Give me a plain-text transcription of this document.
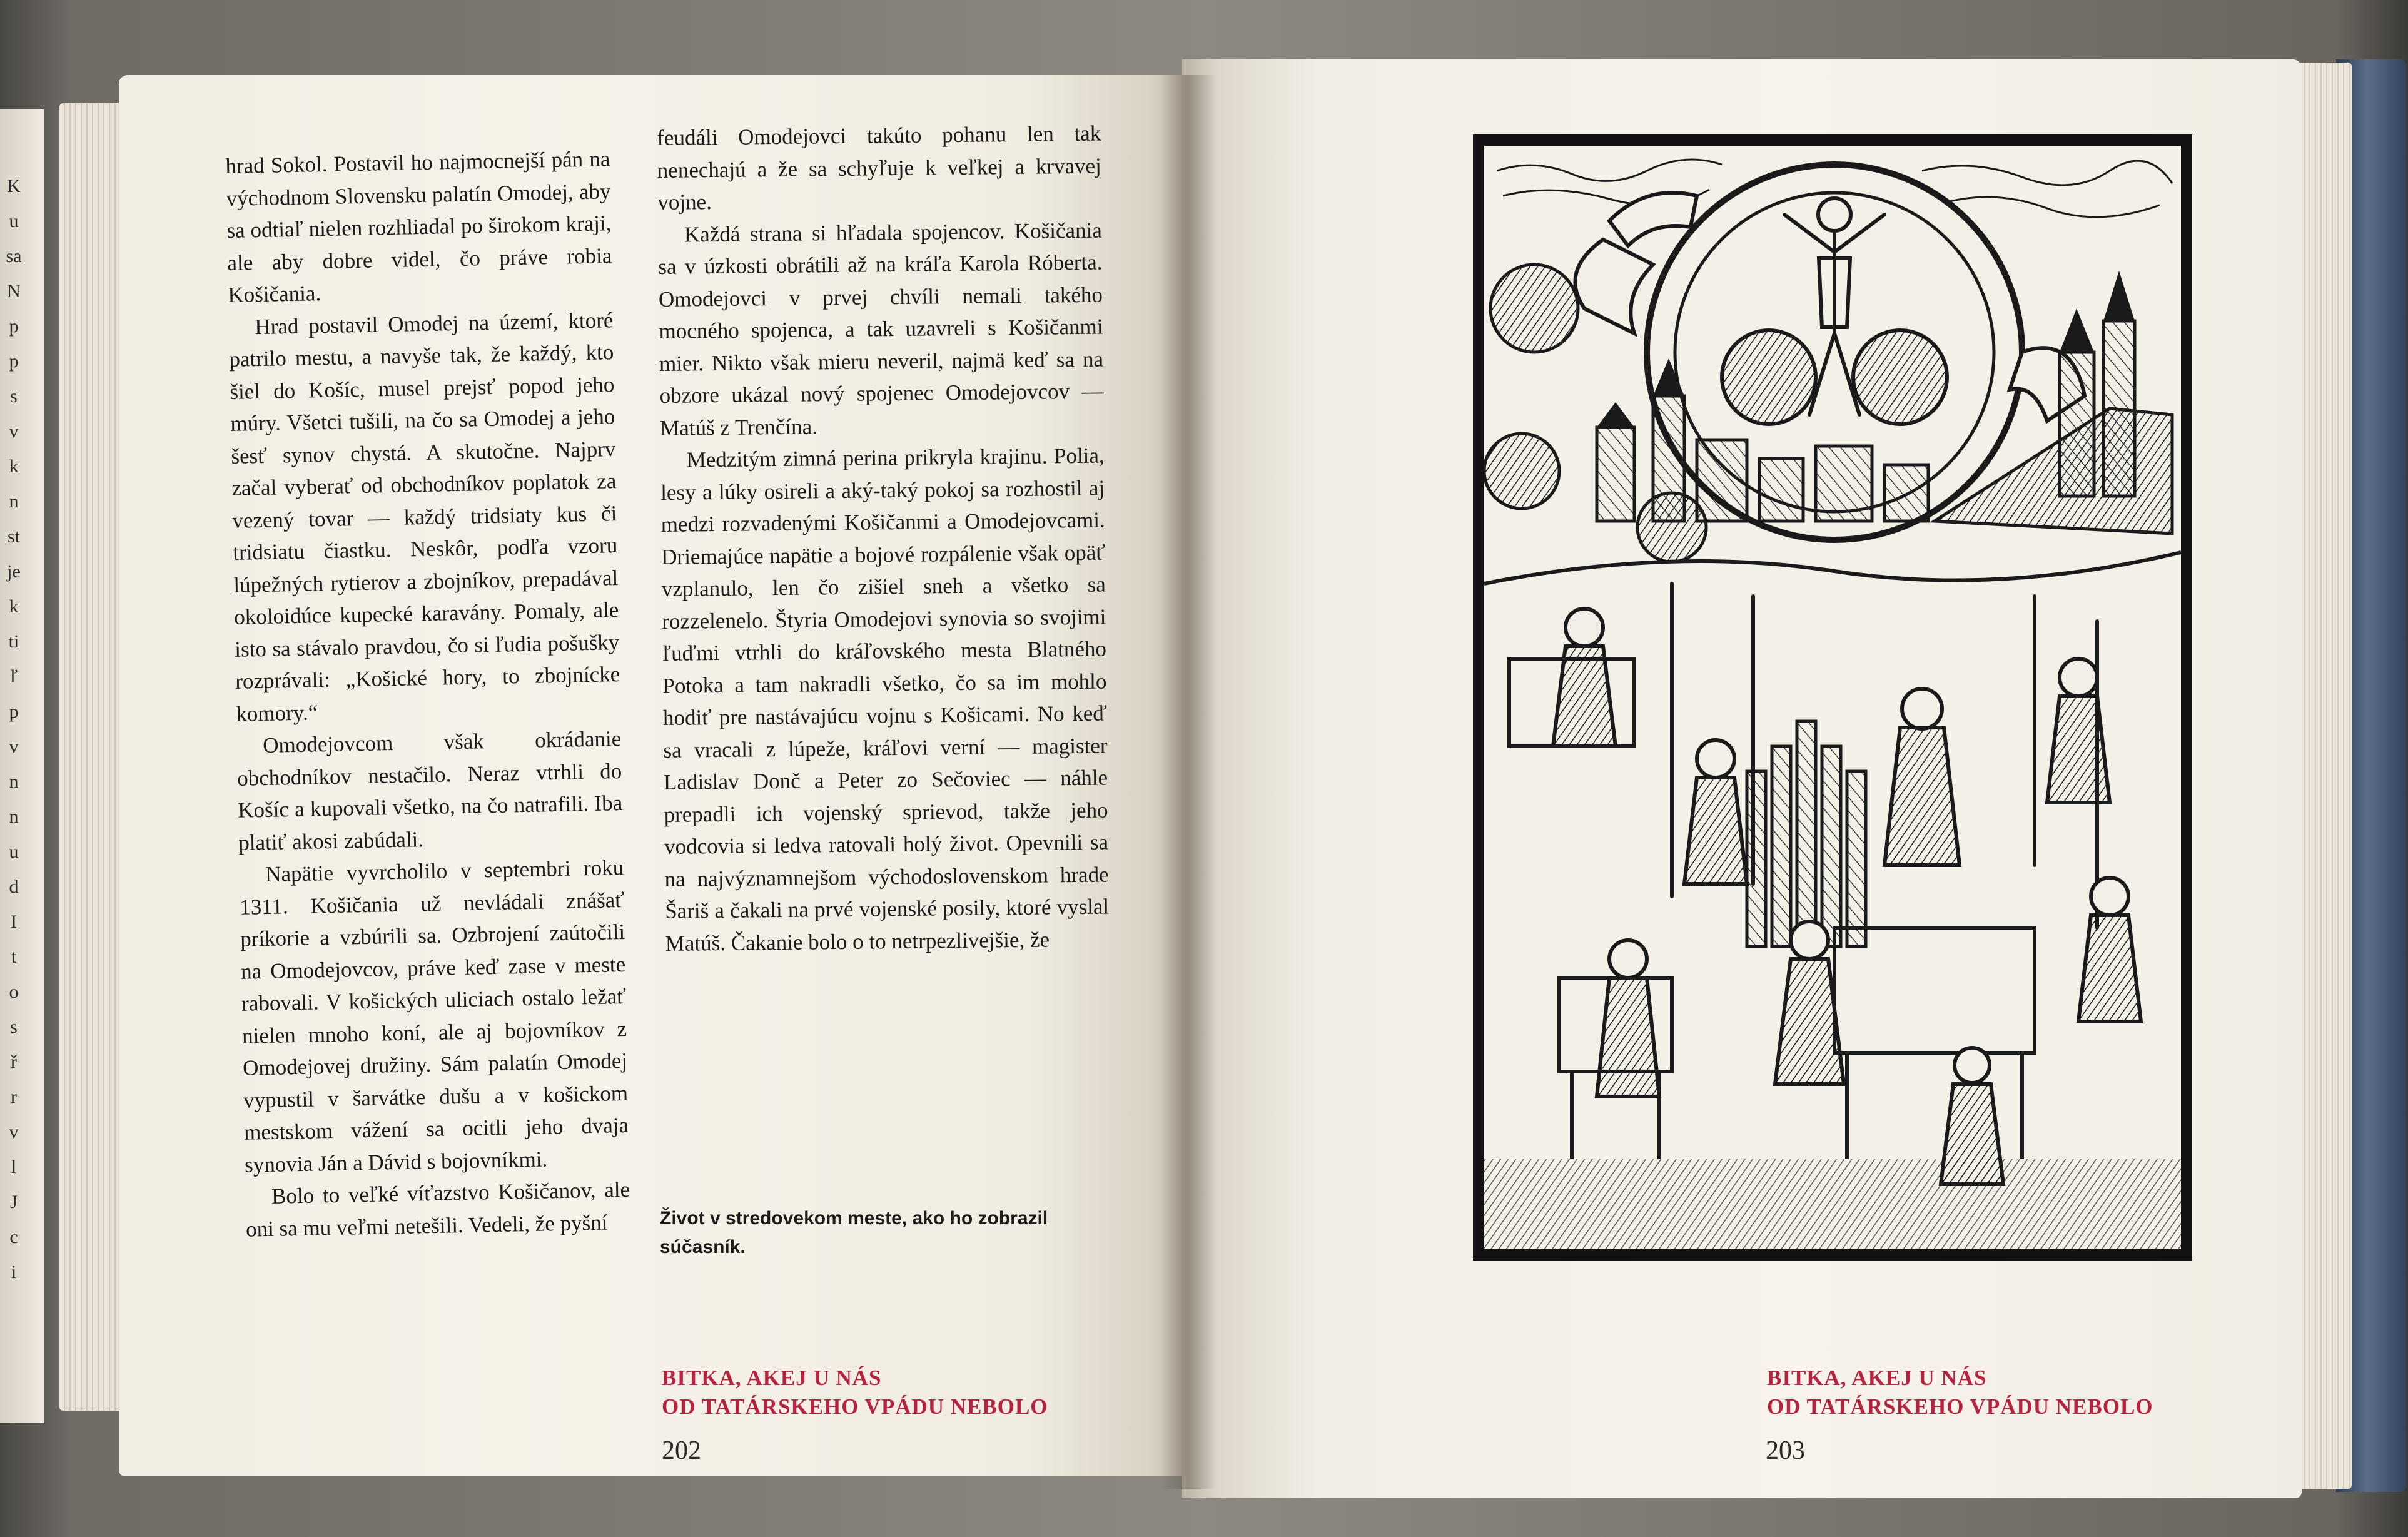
K
u
sa
N
p
p
s
v
k
n
st
je
k
ti
ľ
p
v
n
n
u
d
I
t
o
s
ř
r
v
l
J
c
i

hrad Sokol. Postavil ho najmocnejší pán na východnom Slovensku palatín Omodej, aby sa odtiaľ nielen rozhliadal po širokom kraji, ale aby dobre videl, čo práve robia Košičania.

Hrad postavil Omodej na území, ktoré patrilo mestu, a navyše tak, že každý, kto šiel do Košíc, musel prejsť popod jeho múry. Všetci tušili, na čo sa Omodej a jeho šesť synov chystá. A skutočne. Najprv začal vyberať od obchodníkov poplatok za vezený tovar — každý tridsiaty kus či tridsiatu čiastku. Neskôr, podľa vzoru lúpežných rytierov a zbojníkov, prepadával okoloidúce kupecké karavány. Pomaly, ale isto sa stávalo pravdou, čo si ľudia pošušky rozprávali: „Košické hory, to zbojnícke komory.“

Omodejovcom však okrádanie obchodníkov nestačilo. Neraz vtrhli do Košíc a kupovali všetko, na čo natrafili. Iba platiť akosi zabúdali.

Napätie vyvrcholilo v septembri roku 1311. Košičania už nevládali znášať príkorie a vzbúrili sa. Ozbrojení zaútočili na Omodejovcov, práve keď zase v meste rabovali. V košických uliciach ostalo ležať nielen mnoho koní, ale aj bojovníkov z Omodejovej družiny. Sám palatín Omodej vypustil v šarvátke dušu a v košickom mestskom vážení sa ocitli jeho dvaja synovia Ján a Dávid s bojovníkmi.

Bolo to veľké víťazstvo Košičanov, ale oni sa mu veľmi netešili. Vedeli, že pyšní

feudáli Omodejovci takúto pohanu len tak nenechajú a že sa schyľuje k veľkej a krvavej vojne.

Každá strana si hľadala spojencov. Košičania sa v úzkosti obrátili až na kráľa Karola Róberta. Omodejovci v prvej chvíli nemali takého mocného spojenca, a tak uzavreli s Košičanmi mier. Nikto však mieru neveril, najmä keď sa na obzore ukázal nový spojenec Omodejovcov — Matúš z Trenčína.

Medzitým zimná perina prikryla krajinu. Polia, lesy a lúky osireli a aký-taký pokoj sa rozhostil aj medzi rozvadenými Košičanmi a Omodejovcami. Driemajúce napätie a bojové rozpálenie však opäť vzplanulo, len čo zišiel sneh a všetko sa rozzelenelo. Štyria Omodejovi synovia so svojimi ľuďmi vtrhli do kráľovského mesta Blatného Potoka a tam nakradli všetko, čo sa im mohlo hodiť pre nastávajúcu vojnu s Košicami. No keď sa vracali z lúpeže, kráľovi verní — magister Ladislav Donč a Peter zo Sečoviec — náhle prepadli ich vojenský sprievod, takže jeho vodcovia si ledva ratovali holý život. Opevnili sa na najvýznamnejšom východoslovenskom hrade Šariš a čakali na prvé vojenské posily, ktoré vyslal Matúš. Čakanie bolo o to netrpezlivejšie, že

Život v stredovekom meste, ako ho zobrazil súčasník.
BITKA, AKEJ U NÁS
OD TATÁRSKEHO VPÁDU NEBOLO
202
BITKA, AKEJ U NÁS
OD TATÁRSKEHO VPÁDU NEBOLO
203
